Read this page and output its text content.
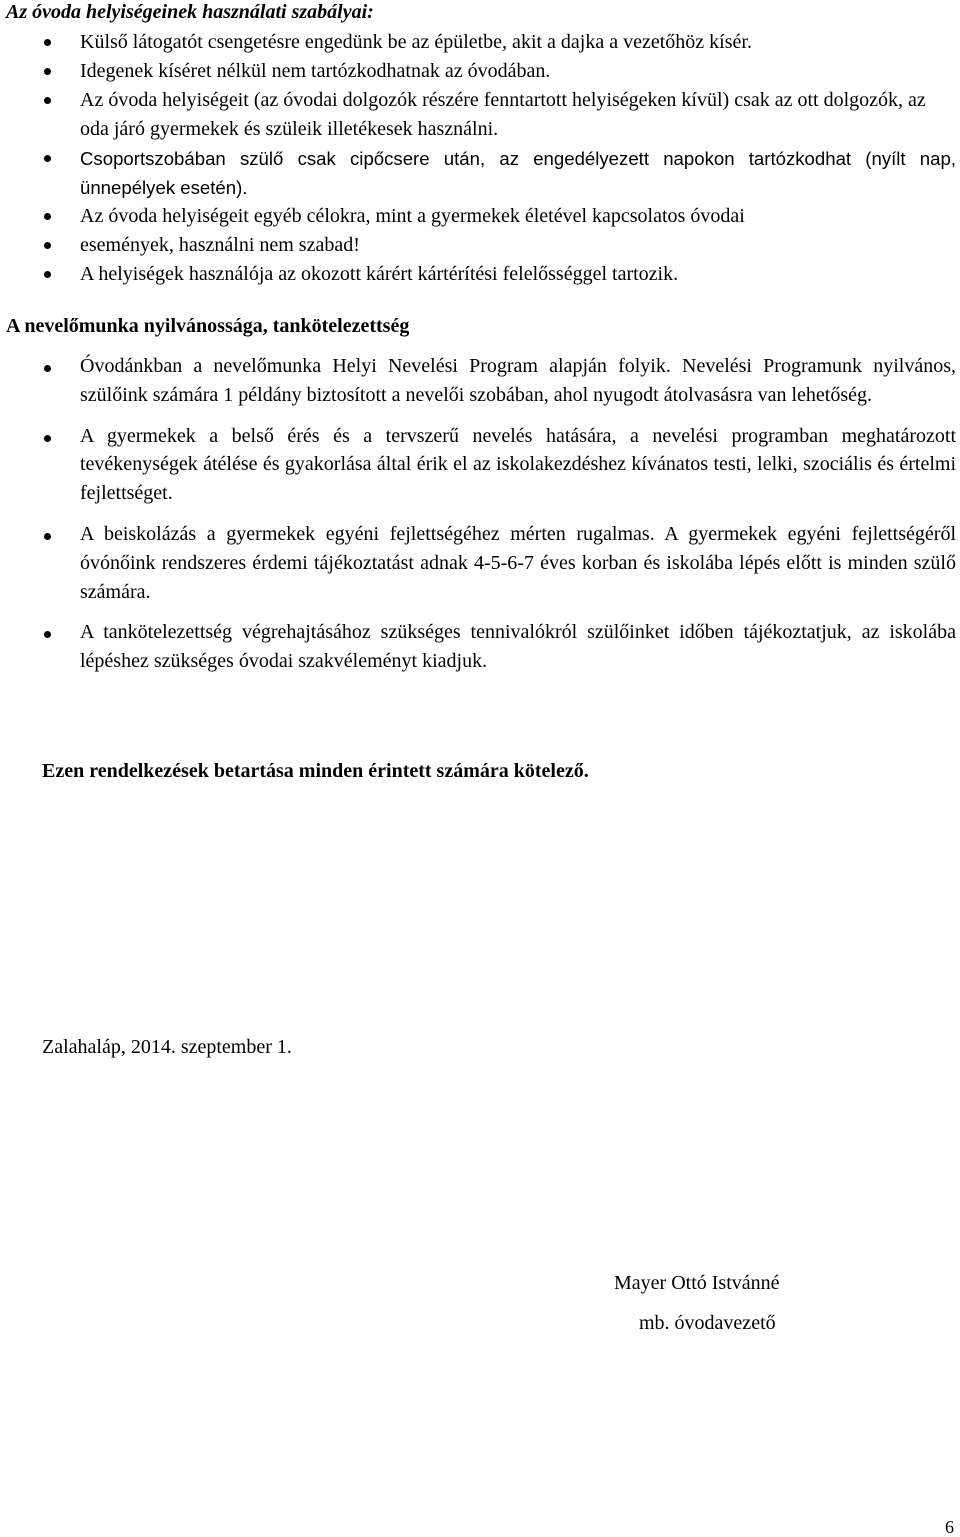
Az óvoda helyiségeinek használati szabályai:
Külső látogatót csengetésre engedünk be az épületbe, akit a dajka a vezetőhöz kísér.
Idegenek kíséret nélkül nem tartózkodhatnak az óvodában.
Az óvoda helyiségeit (az óvodai dolgozók részére fenntartott helyiségeken kívül) csak az ott dolgozók, az oda járó gyermekek és szüleik illetékesek használni.
Csoportszobában szülő csak cipőcsere után, az engedélyezett napokon tartózkodhat (nyílt nap, ünnepélyek esetén).
Az óvoda helyiségeit egyéb célokra, mint a gyermekek életével kapcsolatos óvodai
események, használni nem szabad!
A helyiségek használója az okozott kárért kártérítési felelősséggel tartozik.
A nevelőmunka nyilvánossága, tankötelezettség
Óvodánkban a nevelőmunka Helyi Nevelési Program alapján folyik. Nevelési Programunk nyilvános, szülőink számára 1 példány biztosított a nevelői szobában, ahol nyugodt átolvasásra van lehetőség.
A gyermekek a belső érés és a tervszerű nevelés hatására, a nevelési programban meghatározott tevékenységek átélése és gyakorlása által érik el az iskolakezdéshez kívánatos testi, lelki, szociális és értelmi fejlettséget.
A beiskolázás a gyermekek egyéni fejlettségéhez mérten rugalmas. A gyermekek egyéni fejlettségéről óvónőink rendszeres érdemi tájékoztatást adnak 4-5-6-7 éves korban és iskolába lépés előtt is minden szülő számára.
A tankötelezettség végrehajtásához szükséges tennivalókról szülőinket időben tájékoztatjuk, az iskolába lépéshez szükséges óvodai szakvéleményt kiadjuk.
Ezen rendelkezések betartása minden érintett számára kötelező.
Zalahaláp, 2014. szeptember 1.
Mayer Ottó Istvánné
mb. óvodavezető
6
